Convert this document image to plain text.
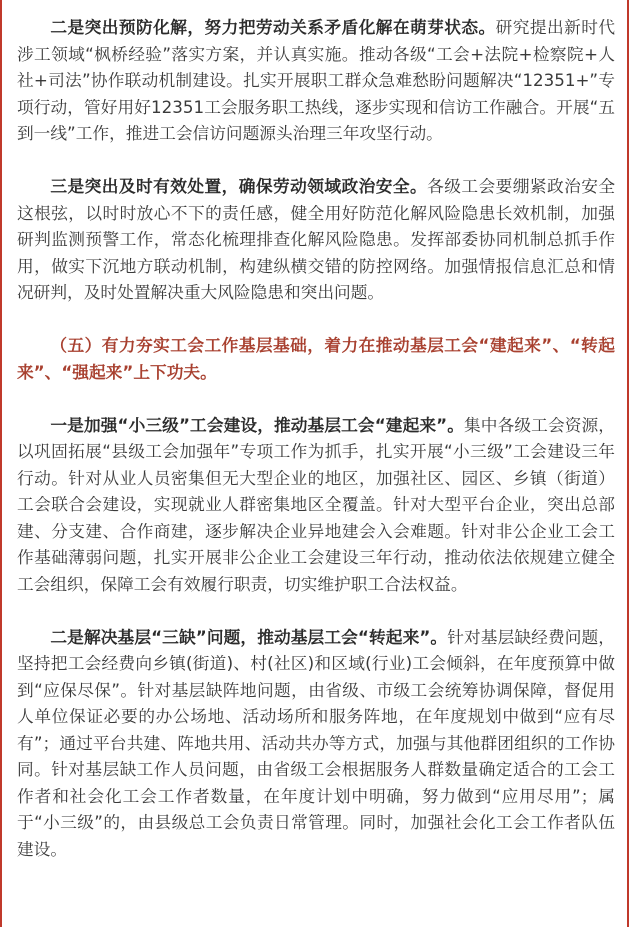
二是突出预防化解，努力把劳动关系矛盾化解在萌芽状态。研究提出新时代涉工领域“枫桥经验”落实方案，并认真实施。推动各级“工会+法院+检察院+人社+司法”协作联动机制建设。扎实开展职工群众急难愁盼问题解决“12351+”专项行动，管好用好12351工会服务职工热线，逐步实现和信访工作融合。开展“五到一线”工作，推进工会信访问题源头治理三年攻坚行动。

三是突出及时有效处置，确保劳动领域政治安全。各级工会要绷紧政治安全这根弦，以时时放心不下的责任感，健全用好防范化解风险隐患长效机制，加强研判监测预警工作，常态化梳理排查化解风险隐患。发挥部委协同机制总抓手作用，做实下沉地方联动机制，构建纵横交错的防控网络。加强情报信息汇总和情况研判，及时处置解决重大风险隐患和突出问题。

（五）有力夯实工会工作基层基础，着力在推动基层工会“建起来”、“转起来”、“强起来”上下功夫。

一是加强“小三级”工会建设，推动基层工会“建起来”。集中各级工会资源，以巩固拓展“县级工会加强年”专项工作为抓手，扎实开展“小三级”工会建设三年行动。针对从业人员密集但无大型企业的地区，加强社区、园区、乡镇（街道）工会联合会建设，实现就业人群密集地区全覆盖。针对大型平台企业，突出总部建、分支建、合作商建，逐步解决企业异地建会入会难题。针对非公企业工会工作基础薄弱问题，扎实开展非公企业工会建设三年行动，推动依法依规建立健全工会组织，保障工会有效履行职责，切实维护职工合法权益。

二是解决基层“三缺”问题，推动基层工会“转起来”。针对基层缺经费问题，坚持把工会经费向乡镇(街道)、村(社区)和区域(行业)工会倾斜，在年度预算中做到“应保尽保”。针对基层缺阵地问题，由省级、市级工会统筹协调保障，督促用人单位保证必要的办公场地、活动场所和服务阵地，在年度规划中做到“应有尽有”；通过平台共建、阵地共用、活动共办等方式，加强与其他群团组织的工作协同。针对基层缺工作人员问题，由省级工会根据服务人群数量确定适合的工会工作者和社会化工会工作者数量，在年度计划中明确，努力做到“应用尽用”；属于“小三级”的，由县级总工会负责日常管理。同时，加强社会化工会工作者队伍建设。
